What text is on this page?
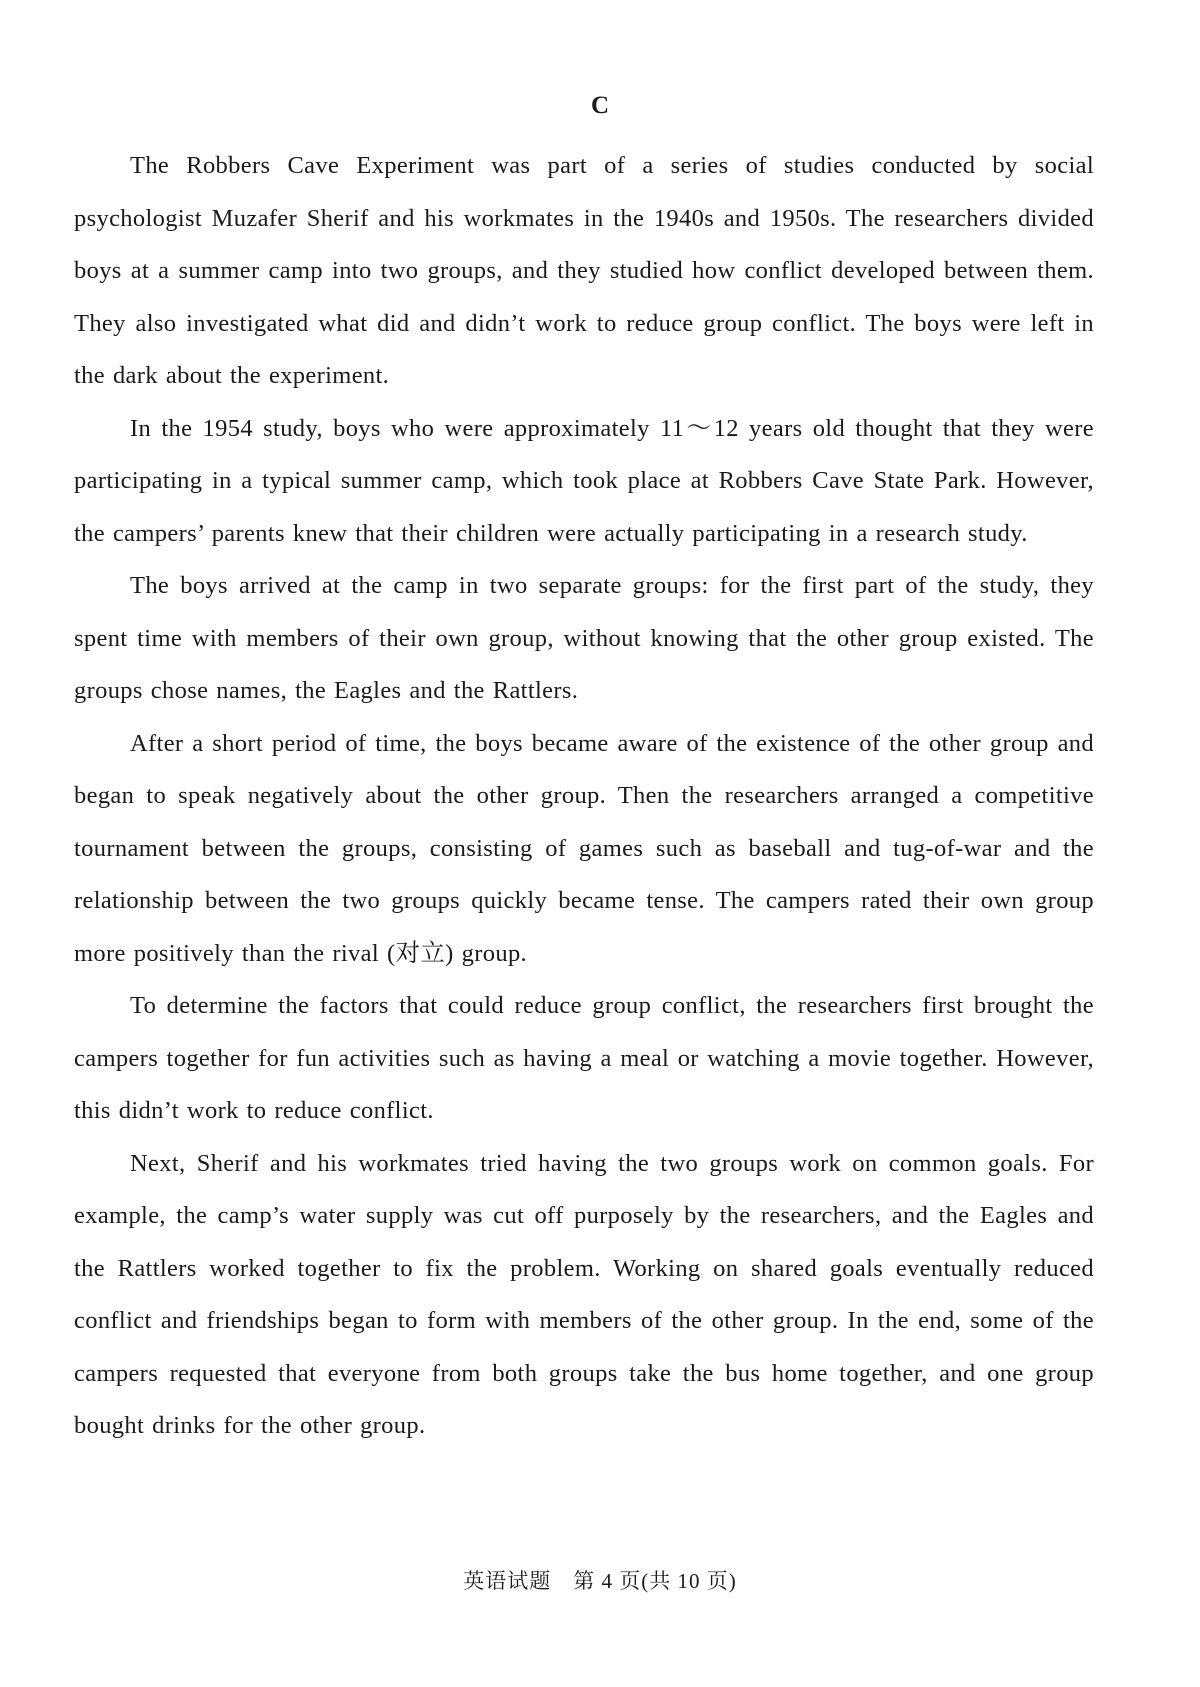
C

The Robbers Cave Experiment was part of a series of studies conducted by social psychologist Muzafer Sherif and his workmates in the 1940s and 1950s. The researchers divided boys at a summer camp into two groups, and they studied how conflict developed between them. They also investigated what did and didn’t work to reduce group conflict. The boys were left in the dark about the experiment.

In the 1954 study, boys who were approximately 11～12 years old thought that they were participating in a typical summer camp, which took place at Robbers Cave State Park. However, the campers’ parents knew that their children were actually participating in a research study.

The boys arrived at the camp in two separate groups: for the first part of the study, they spent time with members of their own group, without knowing that the other group existed. The groups chose names, the Eagles and the Rattlers.

After a short period of time, the boys became aware of the existence of the other group and began to speak negatively about the other group. Then the researchers arranged a competitive tournament between the groups, consisting of games such as baseball and tug-of-war and the relationship between the two groups quickly became tense. The campers rated their own group more positively than the rival (对立) group.

To determine the factors that could reduce group conflict, the researchers first brought the campers together for fun activities such as having a meal or watching a movie together. However, this didn’t work to reduce conflict.

Next, Sherif and his workmates tried having the two groups work on common goals. For example, the camp’s water supply was cut off purposely by the researchers, and the Eagles and the Rattlers worked together to fix the problem. Working on shared goals eventually reduced conflict and friendships began to form with members of the other group. In the end, some of the campers requested that everyone from both groups take the bus home together, and one group bought drinks for the other group.

英语试题　第 4 页(共 10 页)
